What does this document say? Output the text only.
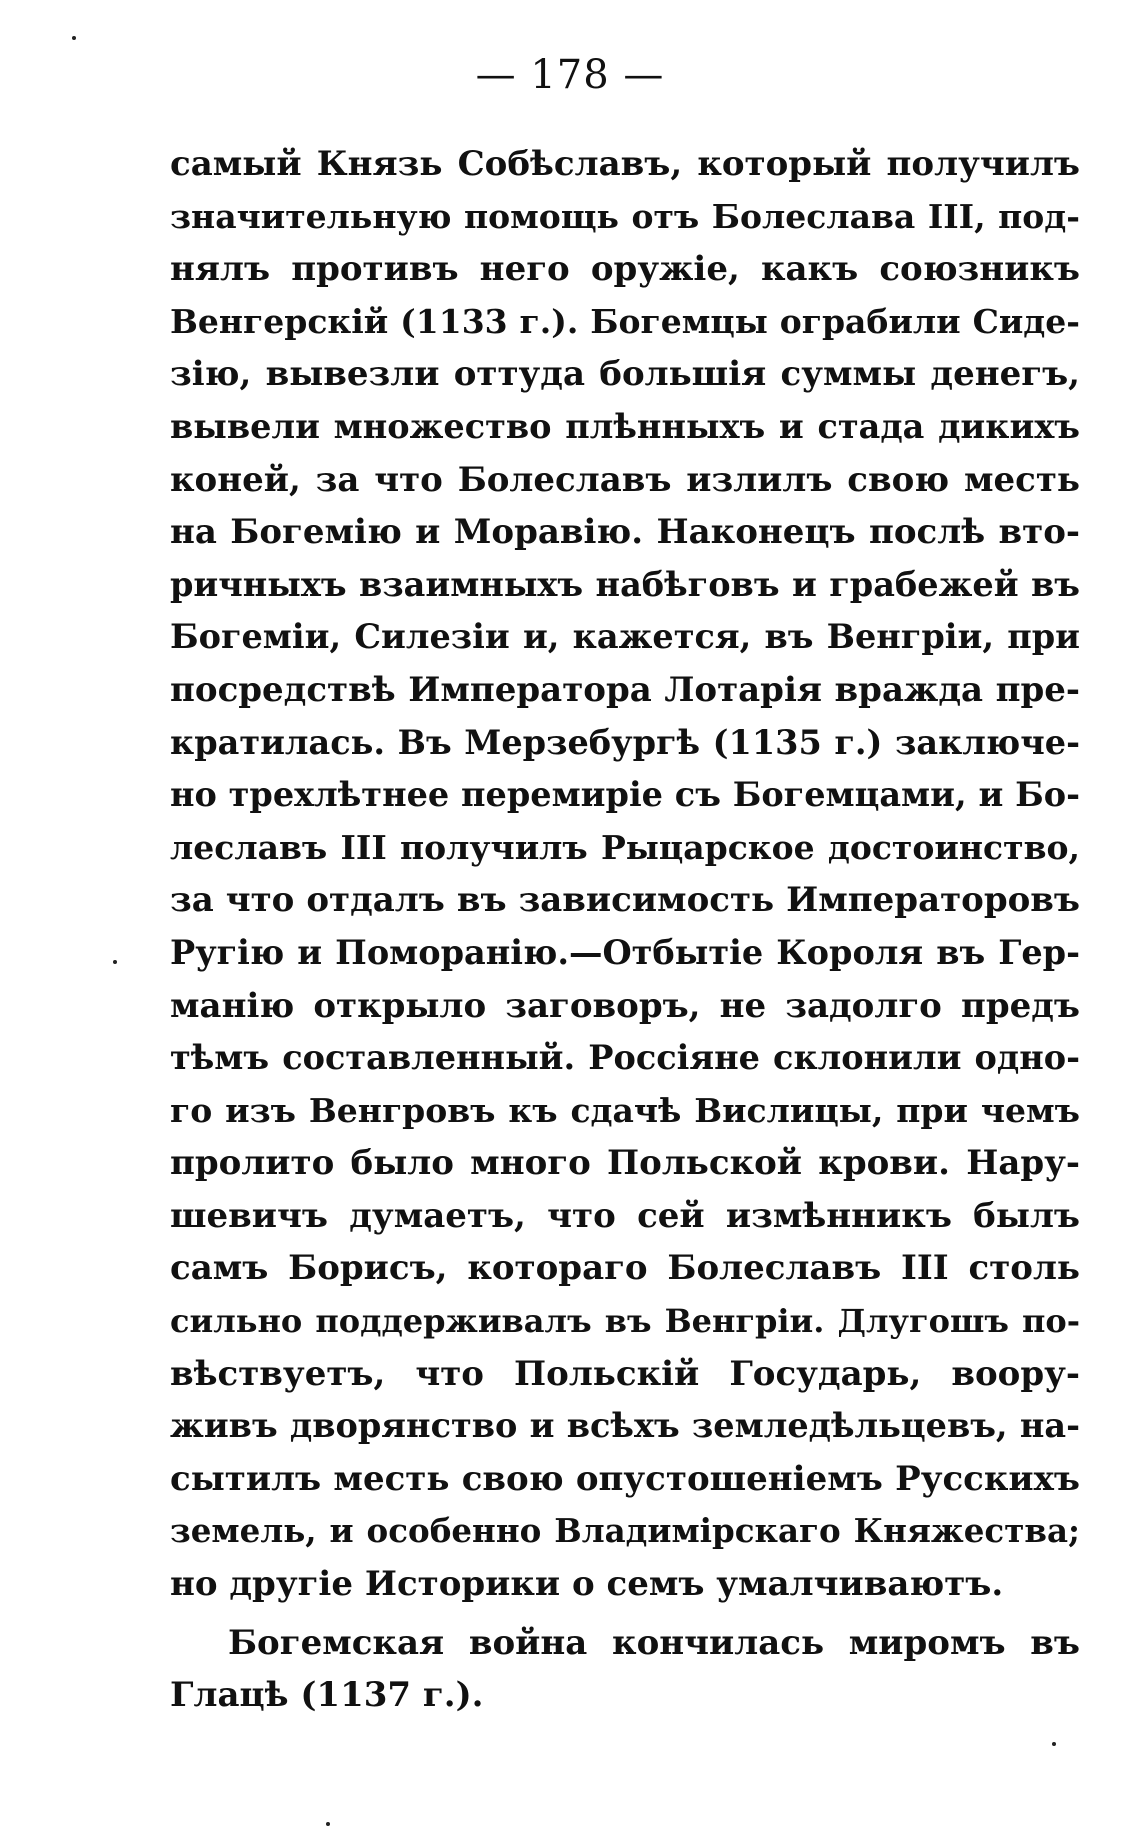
— 178 —
самый Князь Собѣславъ, который получилъ
значительную помощь отъ Болеслава III, под-
нялъ противъ него оружіе, какъ союзникъ
Венгерскій (1133 г.). Богемцы ограбили Сиде-
зію, вывезли оттуда большія суммы денегъ,
вывели множество плѣнныхъ и стада дикихъ
коней, за что Болеславъ излилъ свою месть
на Богемію и Моравію. Наконецъ послѣ вто-
ричныхъ взаимныхъ набѣговъ и грабежей въ
Богеміи, Силезіи и, кажется, въ Венгріи, при
посредствѣ Императора Лотарія вражда пре-
кратилась. Въ Мерзебургѣ (1135 г.) заключе-
но трехлѣтнее перемиріе съ Богемцами, и Бо-
леславъ III получилъ Рыцарское достоинство,
за что отдалъ въ зависимость Императоровъ
Ругію и Поморанію.—Отбытіе Короля въ Гер-
манію открыло заговоръ, не задолго предъ
тѣмъ составленный. Россіяне склонили одно-
го изъ Венгровъ къ сдачѣ Вислицы, при чемъ
пролито было много Польской крови. Нару-
шевичъ думаетъ, что сей измѣнникъ былъ
самъ Борисъ, котораго Болеславъ III столь
сильно поддерживалъ въ Венгріи. Длугошъ по-
вѣствуетъ, что Польскій Государь, воору-
живъ дворянство и всѣхъ земледѣльцевъ, на-
сытилъ месть свою опустошеніемъ Русскихъ
земель, и особенно Владимірскаго Княжества;
но другіе Историки о семъ умалчиваютъ.
Богемская война кончилась миромъ въ
Глацѣ (1137 г.).
